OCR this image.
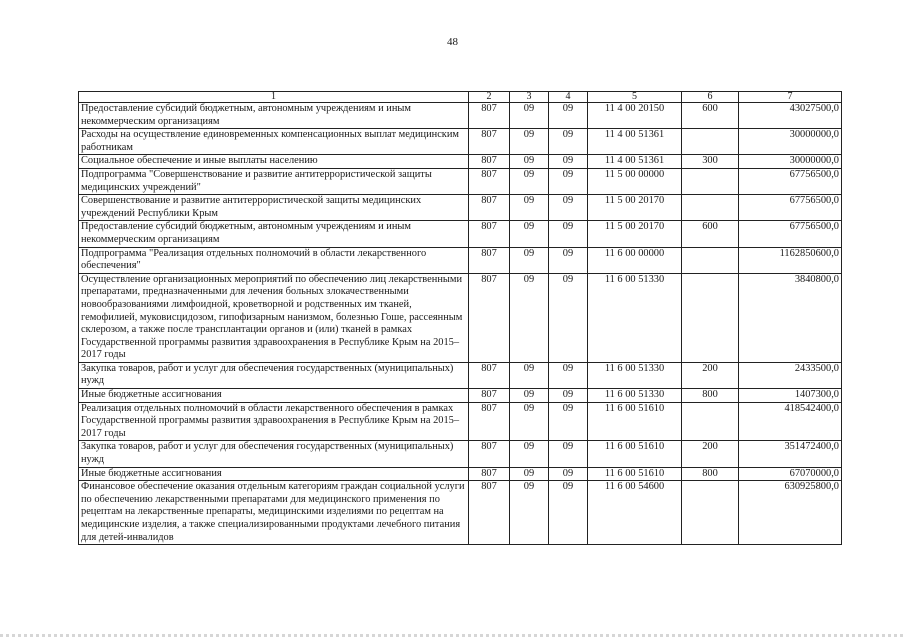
48
1	2	3	4	5	6	7
Предоставление субсидий бюджетным, автономным учреждениям и иным некоммерческим организациям	807	09	09	11 4 00 20150	600	43027500,0
Расходы на осуществление единовременных компенсационных выплат медицинским работникам	807	09	09	11 4 00 51361		30000000,0
Социальное обеспечение и иные выплаты населению	807	09	09	11 4 00 51361	300	30000000,0
Подпрограмма "Совершенствование и развитие антитеррористической защиты медицинских учреждений"	807	09	09	11 5 00 00000		67756500,0
Совершенствование и развитие антитеррористической защиты медицинских учреждений Республики Крым	807	09	09	11 5 00 20170		67756500,0
Предоставление субсидий бюджетным, автономным учреждениям и иным некоммерческим организациям	807	09	09	11 5 00 20170	600	67756500,0
Подпрограмма "Реализация отдельных полномочий в области лекарственного обеспечения"	807	09	09	11 6 00 00000		1162850600,0
Осуществление организационных мероприятий по обеспечению лиц лекарственными препаратами, предназначенными для лечения больных злокачественными новообразованиями лимфоидной, кроветворной и родственных им тканей, гемофилией, муковисцидозом, гипофизарным нанизмом, болезнью Гоше, рассеянным склерозом, а также после трансплантации органов и (или) тканей в рамках Государственной программы развития здравоохранения в Республике Крым на 2015–2017 годы	807	09	09	11 6 00 51330		3840800,0
Закупка товаров, работ и услуг для обеспечения государственных (муниципальных) нужд	807	09	09	11 6 00 51330	200	2433500,0
Иные бюджетные ассигнования	807	09	09	11 6 00 51330	800	1407300,0
Реализация отдельных полномочий в области лекарственного обеспечения в рамках Государственной программы развития здравоохранения в Республике Крым на 2015–2017 годы	807	09	09	11 6 00 51610		418542400,0
Закупка товаров, работ и услуг для обеспечения государственных (муниципальных) нужд	807	09	09	11 6 00 51610	200	351472400,0
Иные бюджетные ассигнования	807	09	09	11 6 00 51610	800	67070000,0
Финансовое обеспечение оказания отдельным категориям граждан социальной услуги по обеспечению лекарственными препаратами для медицинского применения по рецептам на лекарственные препараты, медицинскими изделиями по рецептам на медицинские изделия, а также специализированными продуктами лечебного питания для детей-инвалидов	807	09	09	11 6 00 54600		630925800,0
